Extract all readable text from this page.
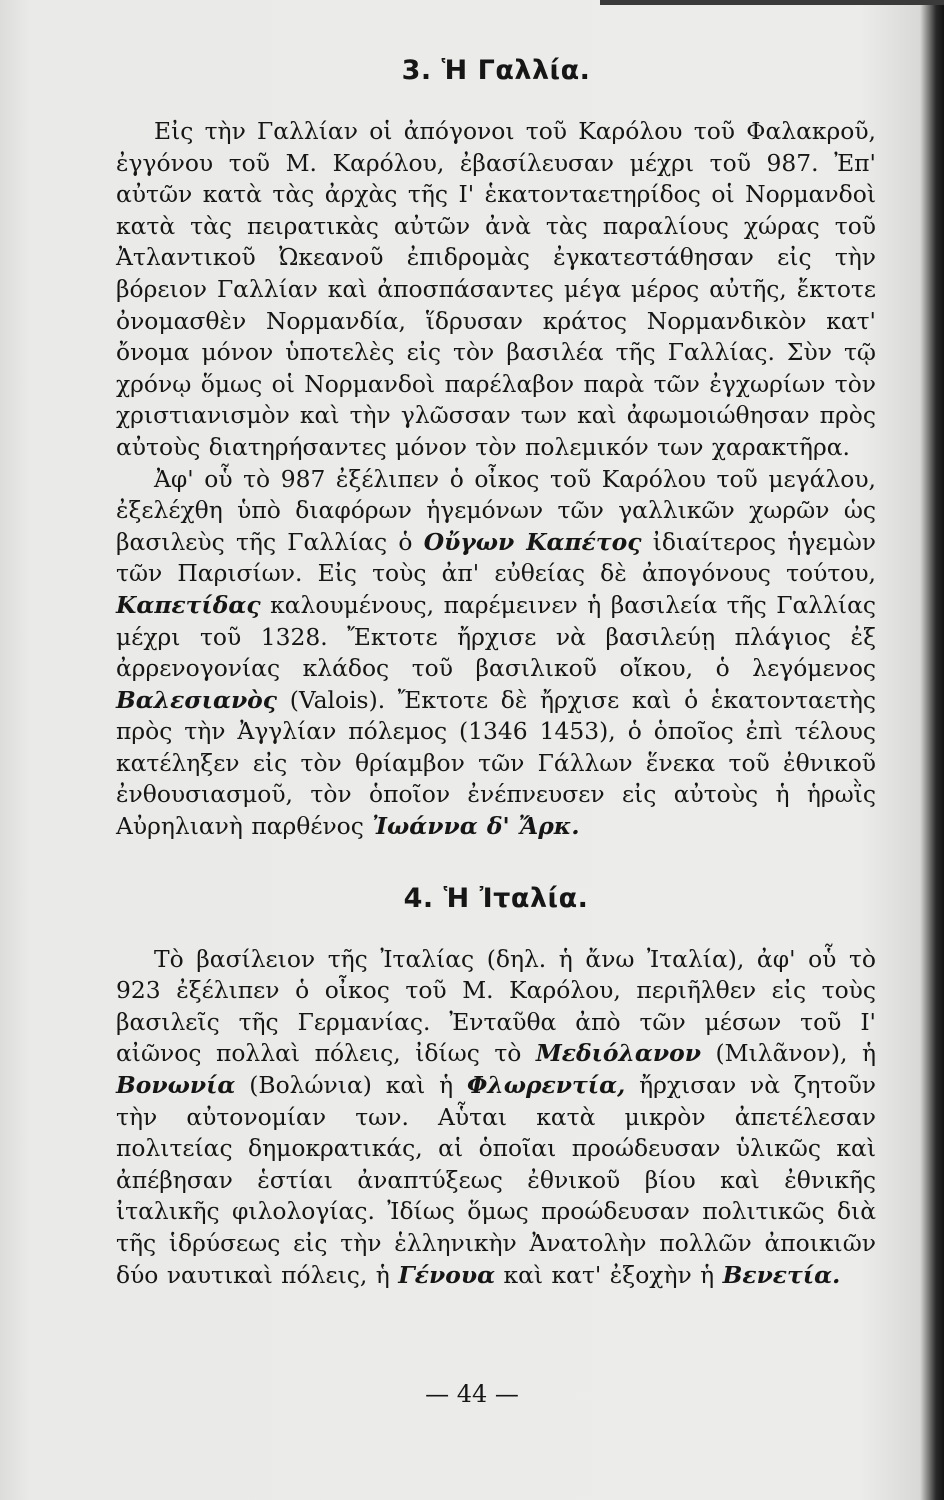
3. Ἡ Γαλλία.

Εἰς τὴν Γαλλίαν οἱ ἀπόγονοι τοῦ Καρόλου τοῦ Φαλακροῦ, ἐγγόνου τοῦ Μ. Καρόλου, ἐβασίλευσαν μέχρι τοῦ 987. Ἐπ' αὐτῶν κατὰ τὰς ἀρχὰς τῆς Ι' ἑκατονταετηρίδος οἱ Νορμανδοὶ κατὰ τὰς πειρατικὰς αὐτῶν ἀνὰ τὰς παραλίους χώρας τοῦ Ἀτλαντικοῦ Ὠκεανοῦ ἐπιδρομὰς ἐγκατεστάθησαν εἰς τὴν βόρειον Γαλλίαν καὶ ἀποσπάσαντες μέγα μέρος αὐτῆς, ἔκτοτε ὀνομασθὲν Νορμανδία, ἵδρυσαν κράτος Νορμανδικὸν κατ' ὄνομα μόνον ὑποτελὲς εἰς τὸν βασιλέα τῆς Γαλλίας. Σὺν τῷ χρόνῳ ὅμως οἱ Νορμανδοὶ παρέλαβον παρὰ τῶν ἐγχωρίων τὸν χριστιανισμὸν καὶ τὴν γλῶσσαν των καὶ ἀφωμοιώθησαν πρὸς αὐτοὺς διατηρήσαντες μόνον τὸν πολεμικόν των χαρακτῆρα.

Ἀφ' οὗ τὸ 987 ἐξέλιπεν ὁ οἶκος τοῦ Καρόλου τοῦ μεγάλου, ἐξελέχθη ὑπὸ διαφόρων ἡγεμόνων τῶν γαλλικῶν χωρῶν ὡς βασιλεὺς τῆς Γαλλίας ὁ Οὔγων Καπέτος ἰδιαίτερος ἡγεμὼν τῶν Παρισίων. Εἰς τοὺς ἀπ' εὐθείας δὲ ἀπογόνους τούτου, Καπετίδας καλουμένους, παρέμεινεν ἡ βασιλεία τῆς Γαλλίας μέχρι τοῦ 1328. Ἔκτοτε ἤρχισε νὰ βασιλεύῃ πλάγιος ἐξ ἀρρενογονίας κλάδος τοῦ βασιλικοῦ οἴκου, ὁ λεγόμενος Βαλεσιανὸς (Valois). Ἔκτοτε δὲ ἤρχισε καὶ ὁ ἑκατονταετὴς πρὸς τὴν Ἀγγλίαν πόλεμος (1346 1453), ὁ ὁποῖος ἐπὶ τέλους κατέληξεν εἰς τὸν θρίαμβον τῶν Γάλλων ἕνεκα τοῦ ἐθνικοῦ ἐνθουσιασμοῦ, τὸν ὁποῖον ἐνέπνευσεν εἰς αὐτοὺς ἡ ἡρωῒς Αὐρηλιανὴ παρθένος Ἰωάννα δ' Ἄρκ.

4. Ἡ Ἰταλία.

Τὸ βασίλειον τῆς Ἰταλίας (δηλ. ἡ ἄνω Ἰταλία), ἀφ' οὗ τὸ 923 ἐξέλιπεν ὁ οἶκος τοῦ Μ. Καρόλου, περιῆλθεν εἰς τοὺς βασιλεῖς τῆς Γερμανίας. Ἐνταῦθα ἀπὸ τῶν μέσων τοῦ Ι' αἰῶνος πολλαὶ πόλεις, ἰδίως τὸ Μεδιόλανον (Μιλᾶνον), ἡ Βονωνία (Βολώνια) καὶ ἡ Φλωρεντία, ἤρχισαν νὰ ζητοῦν τὴν αὐτονομίαν των. Αὗται κατὰ μικρὸν ἀπετέλεσαν πολιτείας δημοκρατικάς, αἱ ὁποῖαι προώδευσαν ὑλικῶς καὶ ἀπέβησαν ἑστίαι ἀναπτύξεως ἐθνικοῦ βίου καὶ ἐθνικῆς ἰταλικῆς φιλολογίας. Ἰδίως ὅμως προώδευσαν πολιτικῶς διὰ τῆς ἱδρύσεως εἰς τὴν ἑλληνικὴν Ἀνατολὴν πολλῶν ἀποικιῶν δύο ναυτικαὶ πόλεις, ἡ Γένουα καὶ κατ' ἐξοχὴν ἡ Βενετία.

— 44 —
